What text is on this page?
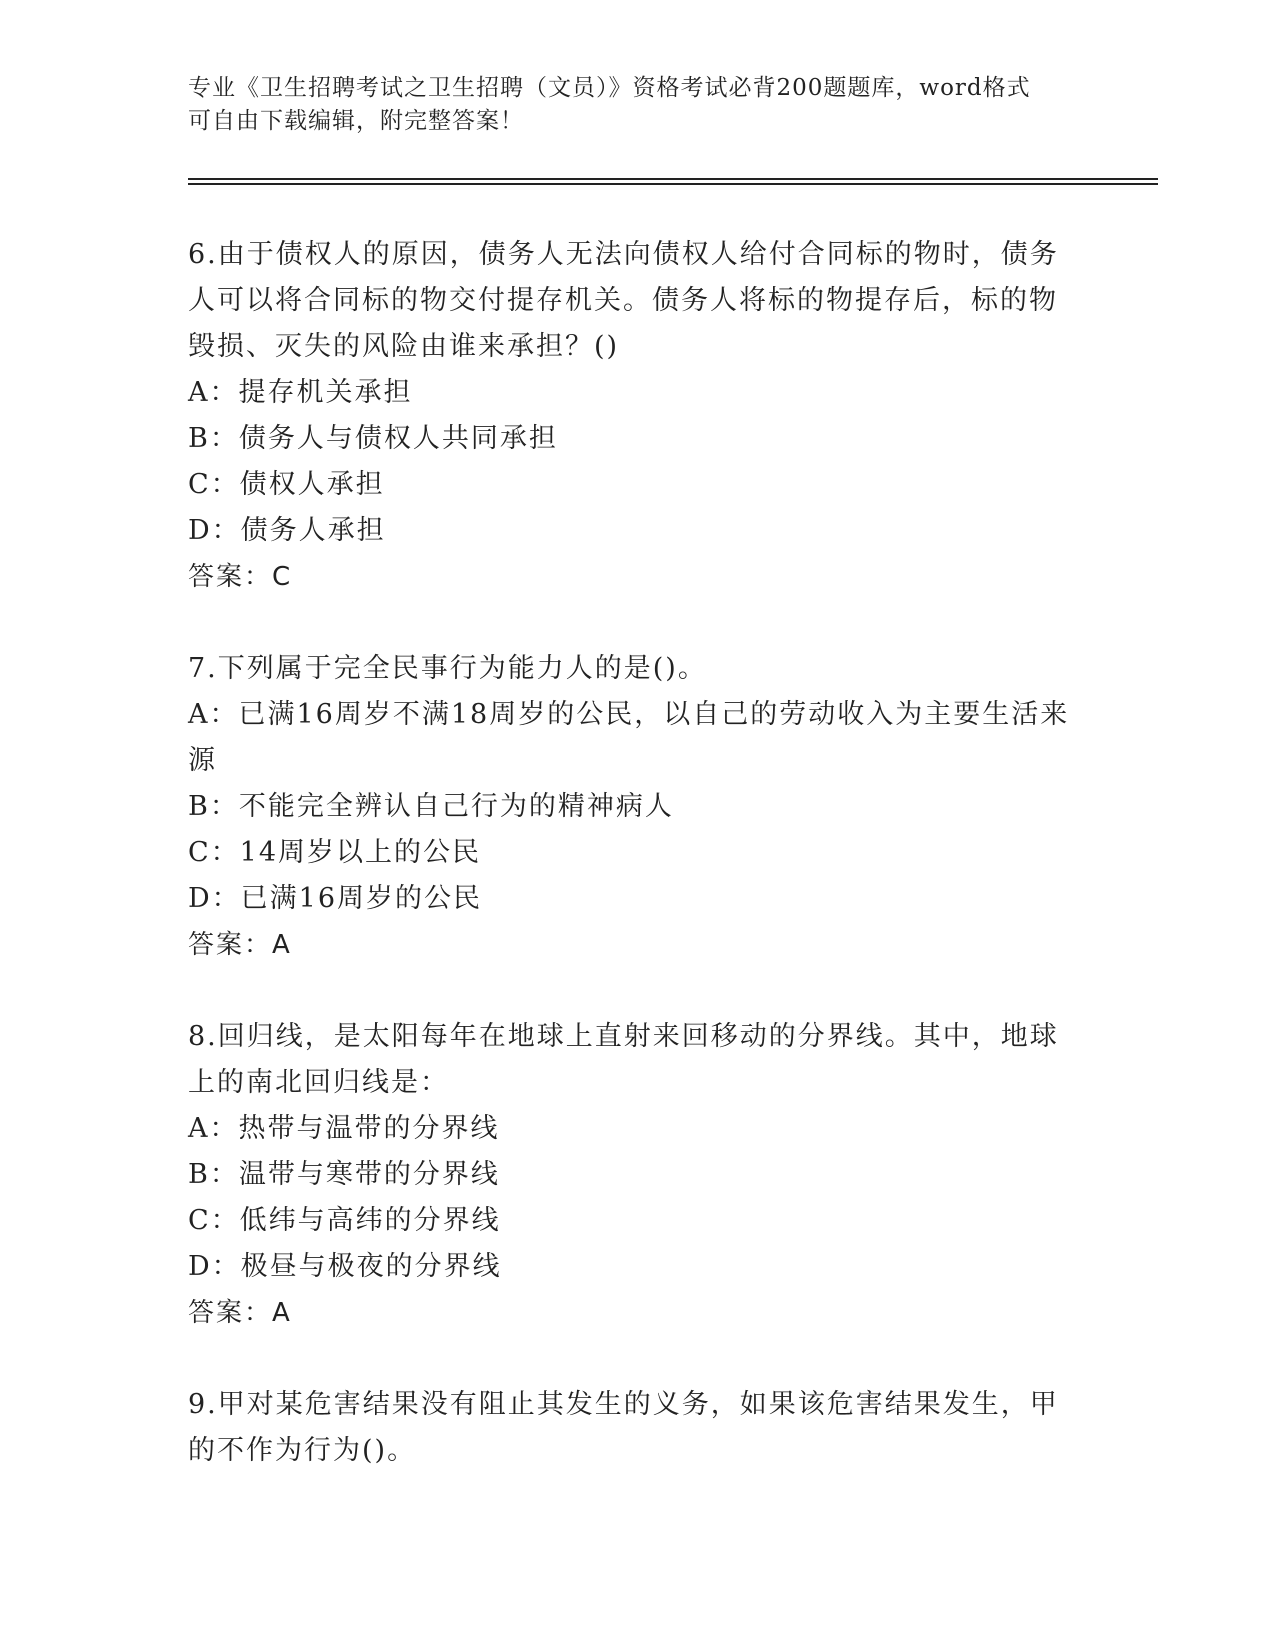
专业《卫生招聘考试之卫生招聘（文员）》资格考试必背200题题库，word格式
可自由下载编辑，附完整答案！
6.由于债权人的原因，债务人无法向债权人给付合同标的物时，债务
人可以将合同标的物交付提存机关。债务人将标的物提存后，标的物
毁损、灭失的风险由谁来承担？()
A：提存机关承担
B：债务人与债权人共同承担
C：债权人承担
D：债务人承担
答案：C
7.下列属于完全民事行为能力人的是()。
A：已满16周岁不满18周岁的公民，以自己的劳动收入为主要生活来
源
B：不能完全辨认自己行为的精神病人
C：14周岁以上的公民
D：已满16周岁的公民
答案：A
8.回归线，是太阳每年在地球上直射来回移动的分界线。其中，地球
上的南北回归线是：
A：热带与温带的分界线
B：温带与寒带的分界线
C：低纬与高纬的分界线
D：极昼与极夜的分界线
答案：A
9.甲对某危害结果没有阻止其发生的义务，如果该危害结果发生，甲
的不作为行为()。
